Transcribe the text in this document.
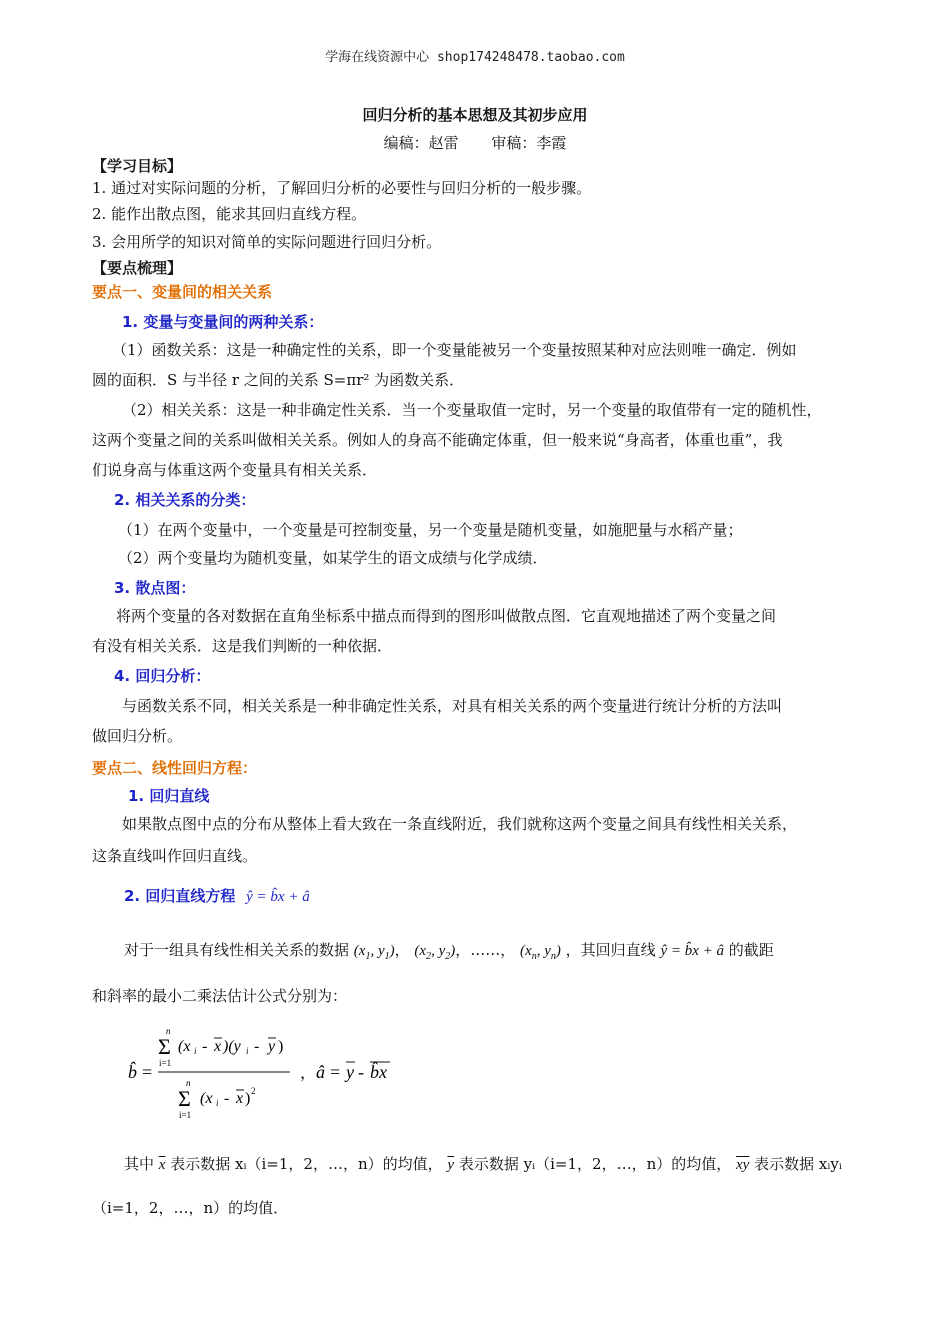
学海在线资源中心 shop174248478.taobao.com
回归分析的基本思想及其初步应用
编稿：赵雷 审稿：李霞
【学习目标】
1. 通过对实际问题的分析，了解回归分析的必要性与回归分析的一般步骤。
2. 能作出散点图，能求其回归直线方程。
3. 会用所学的知识对简单的实际问题进行回归分析。
【要点梳理】
要点一、变量间的相关关系
1. 变量与变量间的两种关系：
（1）函数关系：这是一种确定性的关系，即一个变量能被另一个变量按照某种对应法则唯一确定．例如
圆的面积．S 与半径 r 之间的关系 S=πr² 为函数关系．
（2）相关关系：这是一种非确定性关系．当一个变量取值一定时，另一个变量的取值带有一定的随机性，
这两个变量之间的关系叫做相关关系。例如人的身高不能确定体重，但一般来说“身高者，体重也重”，我
们说身高与体重这两个变量具有相关关系．
2. 相关关系的分类：
（1）在两个变量中，一个变量是可控制变量，另一个变量是随机变量，如施肥量与水稻产量；
（2）两个变量均为随机变量，如某学生的语文成绩与化学成绩．
3. 散点图：
将两个变量的各对数据在直角坐标系中描点而得到的图形叫做散点图．它直观地描述了两个变量之间
有没有相关关系．这是我们判断的一种依据．
4. 回归分析：
与函数关系不同，相关关系是一种非确定性关系，对具有相关关系的两个变量进行统计分析的方法叫
做回归分析。
要点二、线性回归方程：
1. 回归直线
如果散点图中点的分布从整体上看大致在一条直线附近，我们就称这两个变量之间具有线性相关关系，
这条直线叫作回归直线。
2. 回归直线方程 ŷ = b̂x + â
对于一组具有线性相关关系的数据 ($x_1$, $y_1$)， ($x_2$, $y_2$)，……， ($x_n$, $y_n$) ，其回归直线 ŷ = b̂x + â 的截距
和斜率的最小二乘法估计公式分别为：
b̂ =
n
Σ
i=1
(x i - x )(y i - y )
n
Σ
i=1
(x i - x ) 2
， â = y - b̂x
其中 $\overline{x}$ 表示数据 xᵢ（i=1，2，…，n）的均值， $\overline{y}$ 表示数据 yᵢ（i=1，2，…，n）的均值， $\overline{xy}$ 表示数据 xᵢyᵢ
（i=1，2，…，n）的均值．
